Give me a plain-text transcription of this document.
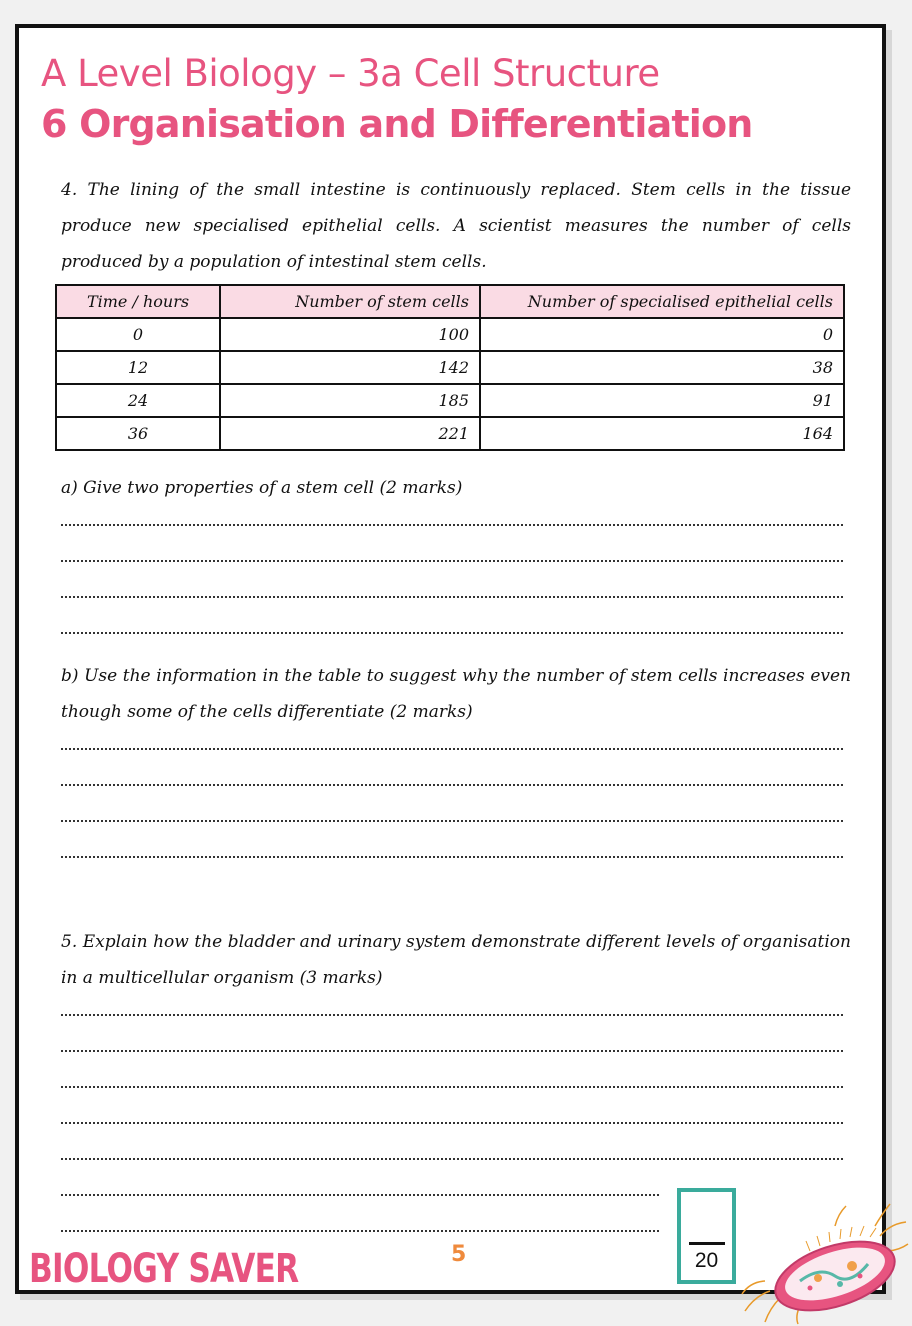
A Level Biology – 3a Cell Structure
6 Organisation and Differentiation

4. The lining of the small intestine is continuously replaced. Stem cells in the tissue produce new specialised epithelial cells. A scientist measures the number of cells produced by a population of intestinal stem cells.

Time / hours	Number of stem cells	Number of specialised epithelial cells
0	100	0
12	142	38
24	185	91
36	221	164

a) Give two properties of a stem cell (2 marks)

b) Use the information in the table to suggest why the number of stem cells increases even though some of the cells differentiate (2 marks)

5. Explain how the bladder and urinary system demonstrate different levels of organisation in a multicellular organism (3 marks)

BIOLOGY SAVER	5	20
